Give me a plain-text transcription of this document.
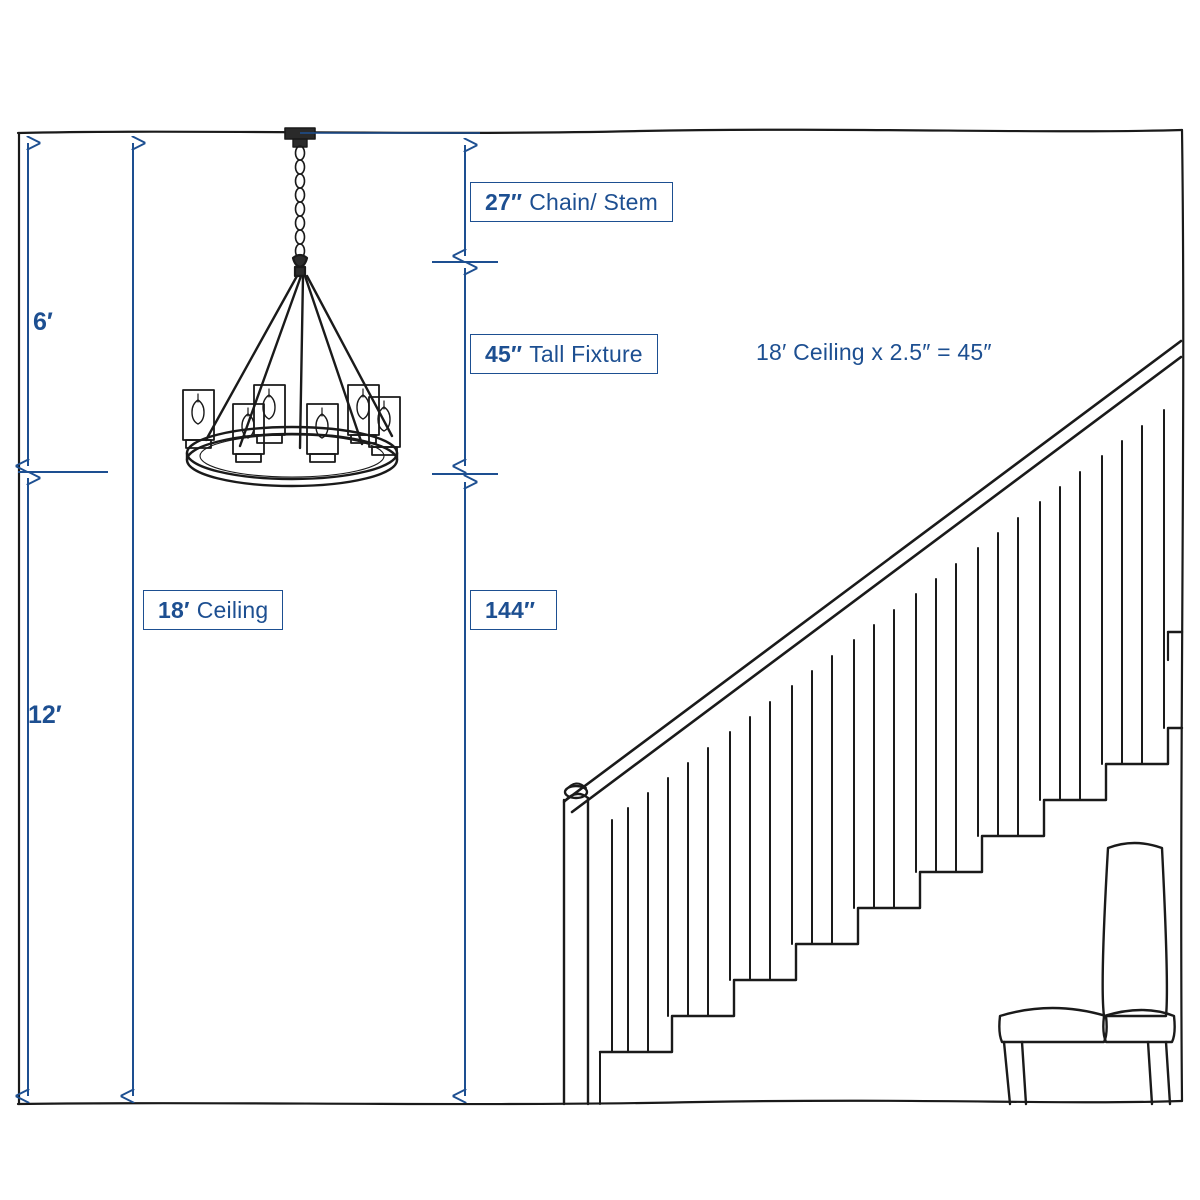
27″ Chain/ Stem
45″ Tall Fixture	18′ Ceiling x 2.5″ = 45″
18′ Ceiling	144″
6′
12′
